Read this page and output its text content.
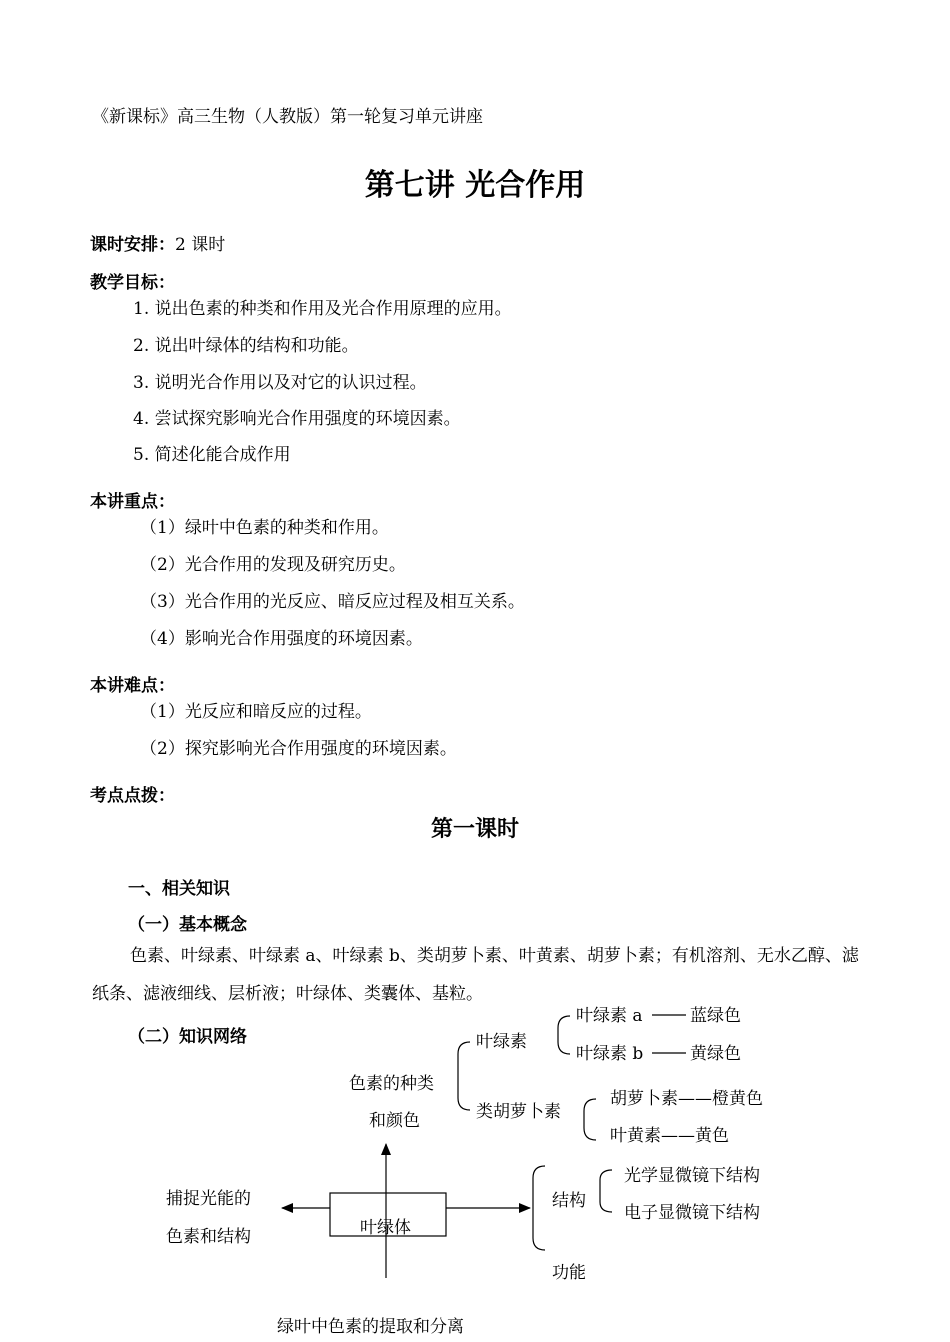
《新课标》高三生物（人教版）第一轮复习单元讲座
第七讲 光合作用
课时安排：2 课时
教学目标：
1. 说出色素的种类和作用及光合作用原理的应用。
2. 说出叶绿体的结构和功能。
3. 说明光合作用以及对它的认识过程。
4. 尝试探究影响光合作用强度的环境因素。
5. 简述化能合成作用
本讲重点：
（1）绿叶中色素的种类和作用。
（2）光合作用的发现及研究历史。
（3）光合作用的光反应、暗反应过程及相互关系。
（4）影响光合作用强度的环境因素。
本讲难点：
（1）光反应和暗反应的过程。
（2）探究影响光合作用强度的环境因素。
考点点拨：
第一课时
一、相关知识
（一）基本概念
色素、叶绿素、叶绿素 a、叶绿素 b、类胡萝卜素、叶黄素、胡萝卜素；有机溶剂、无水乙醇、滤纸条、滤液细线、层析液；叶绿体、类囊体、基粒。
（二）知识网络
叶绿体
色素的种类
和颜色
捕捉光能的
色素和结构
绿叶中色素的提取和分离
叶绿素
类胡萝卜素
叶绿素 a	蓝绿色
叶绿素 b	黄绿色
胡萝卜素——橙黄色
叶黄素——黄色
结构
功能
光学显微镜下结构
电子显微镜下结构
